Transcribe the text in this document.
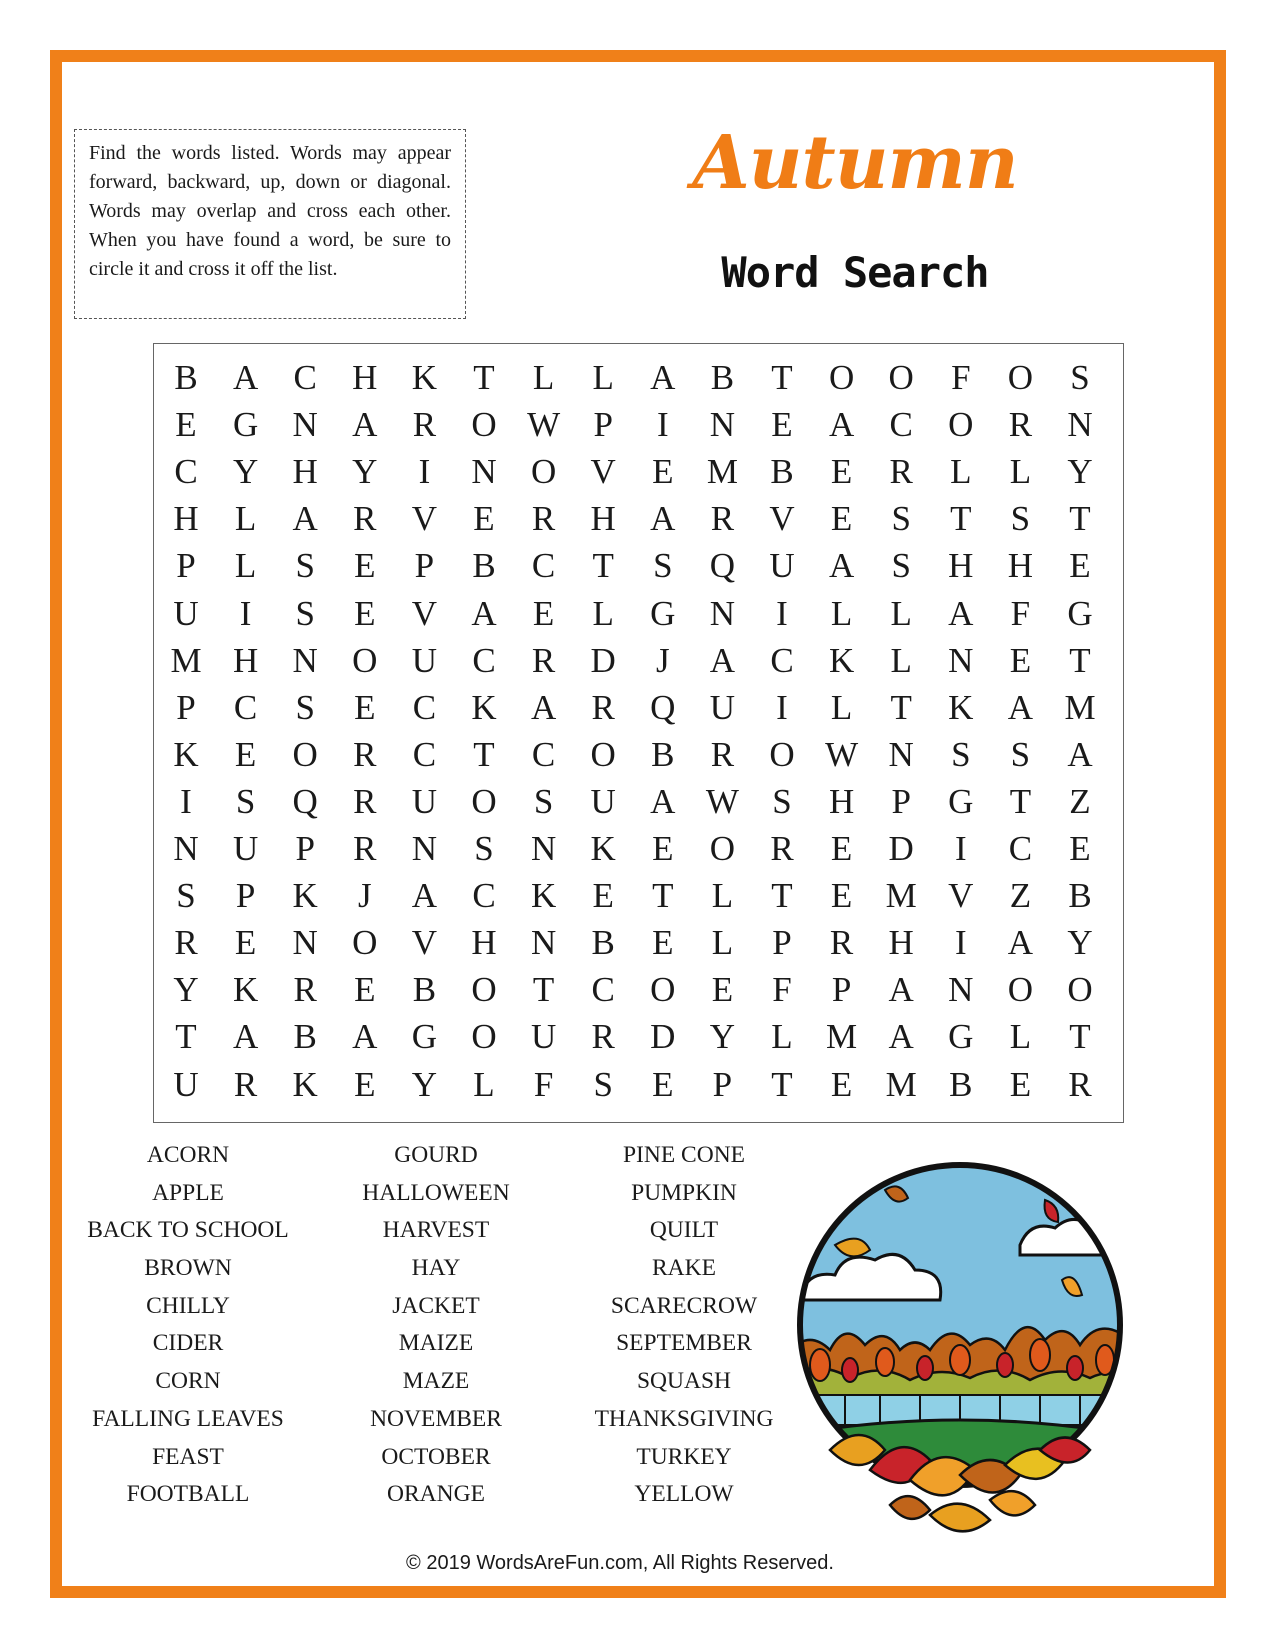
Find the words listed. Words may appear forward, backward, up, down or diagonal. Words may overlap and cross each other. When you have found a word, be sure to circle it and cross it off the list.
Autumn
Word Search
B	A	C	H K	T	L	L	A	B	T	O O	F	O	S
E	G N A	R	O W P	I	N	E	A	C	O	R	N
C	Y H Y	I	N O V	E M B	E	R	L	L	Y
H	L	A	R	V	E	R	H A	R	V	E	S	T	S	T
P	L	S	E	P	B	C	T	S	Q U A	S	H H	E
U	I	S	E	V A	E	L	G N	I	L	L	A	F	G
M H N O U	C	R	D	J	A	C	K	L	N	E	T
P	C	S	E	C	K A	R	Q U	I	L	T	K A M
K	E	O	R	C	T	C	O	B	R	O W N	S	S	A
I	S	Q	R	U O	S	U A W S	H	P	G	T	Z
N U	P	R	N	S	N K	E	O	R	E	D	I	C	E
S	P	K	J	A	C	K	E	T	L	T	E M V	Z	B
R	E	N O V H N	B	E	L	P	R	H	I	A Y
Y K	R	E	B	O	T	C	O	E	F	P	A N O O
T	A	B	A G O U	R	D Y	L M A G	L	T
U	R	K	E	Y	L	F	S	E	P	T	E M B	E	R
ACORN
APPLE
BACK TO SCHOOL
BROWN
CHILLY
CIDER
CORN
FALLING LEAVES
FEAST
FOOTBALL
GOURD
HALLOWEEN
HARVEST
HAY
JACKET
MAIZE
MAZE
NOVEMBER
OCTOBER
ORANGE
PINE CONE
PUMPKIN
QUILT
RAKE
SCARECROW
SEPTEMBER
SQUASH
THANKSGIVING
TURKEY
YELLOW
© 2019 WordsAreFun.com, All Rights Reserved.
